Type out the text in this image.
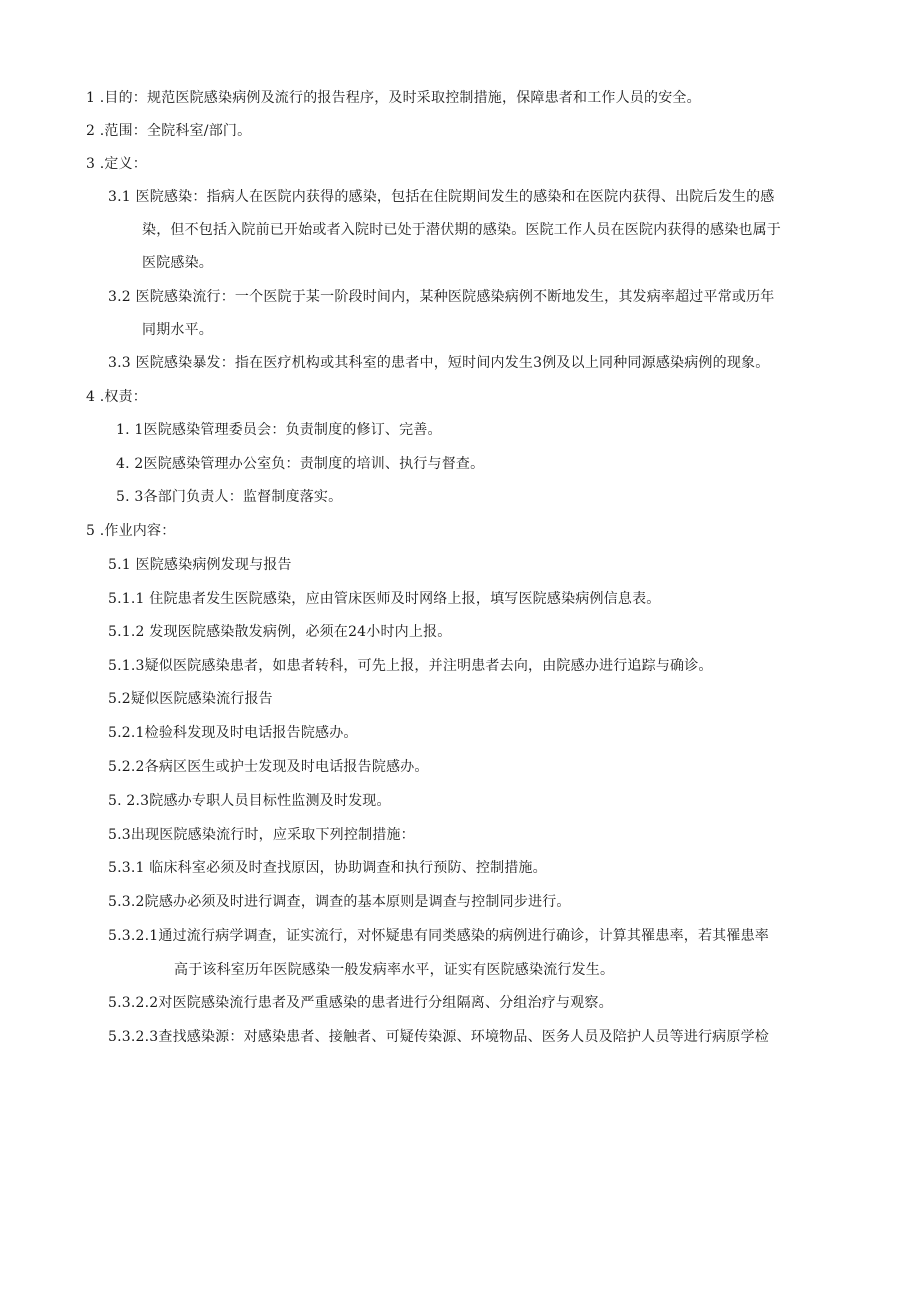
1 .目的：规范医院感染病例及流行的报告程序，及时采取控制措施，保障患者和工作人员的安全。

2 .范围：全院科室/部门。

3 .定义：

3.1 医院感染：指病人在医院内获得的感染，包括在住院期间发生的感染和在医院内获得、出院后发生的感

染，但不包括入院前已开始或者入院时已处于潜伏期的感染。医院工作人员在医院内获得的感染也属于

医院感染。

3.2 医院感染流行：一个医院于某一阶段时间内，某种医院感染病例不断地发生，其发病率超过平常或历年

同期水平。

3.3 医院感染暴发：指在医疗机构或其科室的患者中，短时间内发生3例及以上同种同源感染病例的现象。

4 .权责：

1. 1医院感染管理委员会：负责制度的修订、完善。

4. 2医院感染管理办公室负：责制度的培训、执行与督查。

5. 3各部门负责人：监督制度落实。

5 .作业内容：

5.1 医院感染病例发现与报告

5.1.1 住院患者发生医院感染，应由管床医师及时网络上报，填写医院感染病例信息表。

5.1.2 发现医院感染散发病例，必须在24小时内上报。

5.1.3疑似医院感染患者，如患者转科，可先上报，并注明患者去向，由院感办进行追踪与确诊。

5.2疑似医院感染流行报告

5.2.1检验科发现及时电话报告院感办。

5.2.2各病区医生或护士发现及时电话报告院感办。

5. 2.3院感办专职人员目标性监测及时发现。

5.3出现医院感染流行时，应采取下列控制措施：

5.3.1 临床科室必须及时查找原因，协助调查和执行预防、控制措施。

5.3.2院感办必须及时进行调查，调查的基本原则是调查与控制同步进行。

5.3.2.1通过流行病学调查，证实流行，对怀疑患有同类感染的病例进行确诊，计算其罹患率，若其罹患率

高于该科室历年医院感染一般发病率水平，证实有医院感染流行发生。

5.3.2.2对医院感染流行患者及严重感染的患者进行分组隔离、分组治疗与观察。

5.3.2.3查找感染源：对感染患者、接触者、可疑传染源、环境物品、医务人员及陪护人员等进行病原学检
